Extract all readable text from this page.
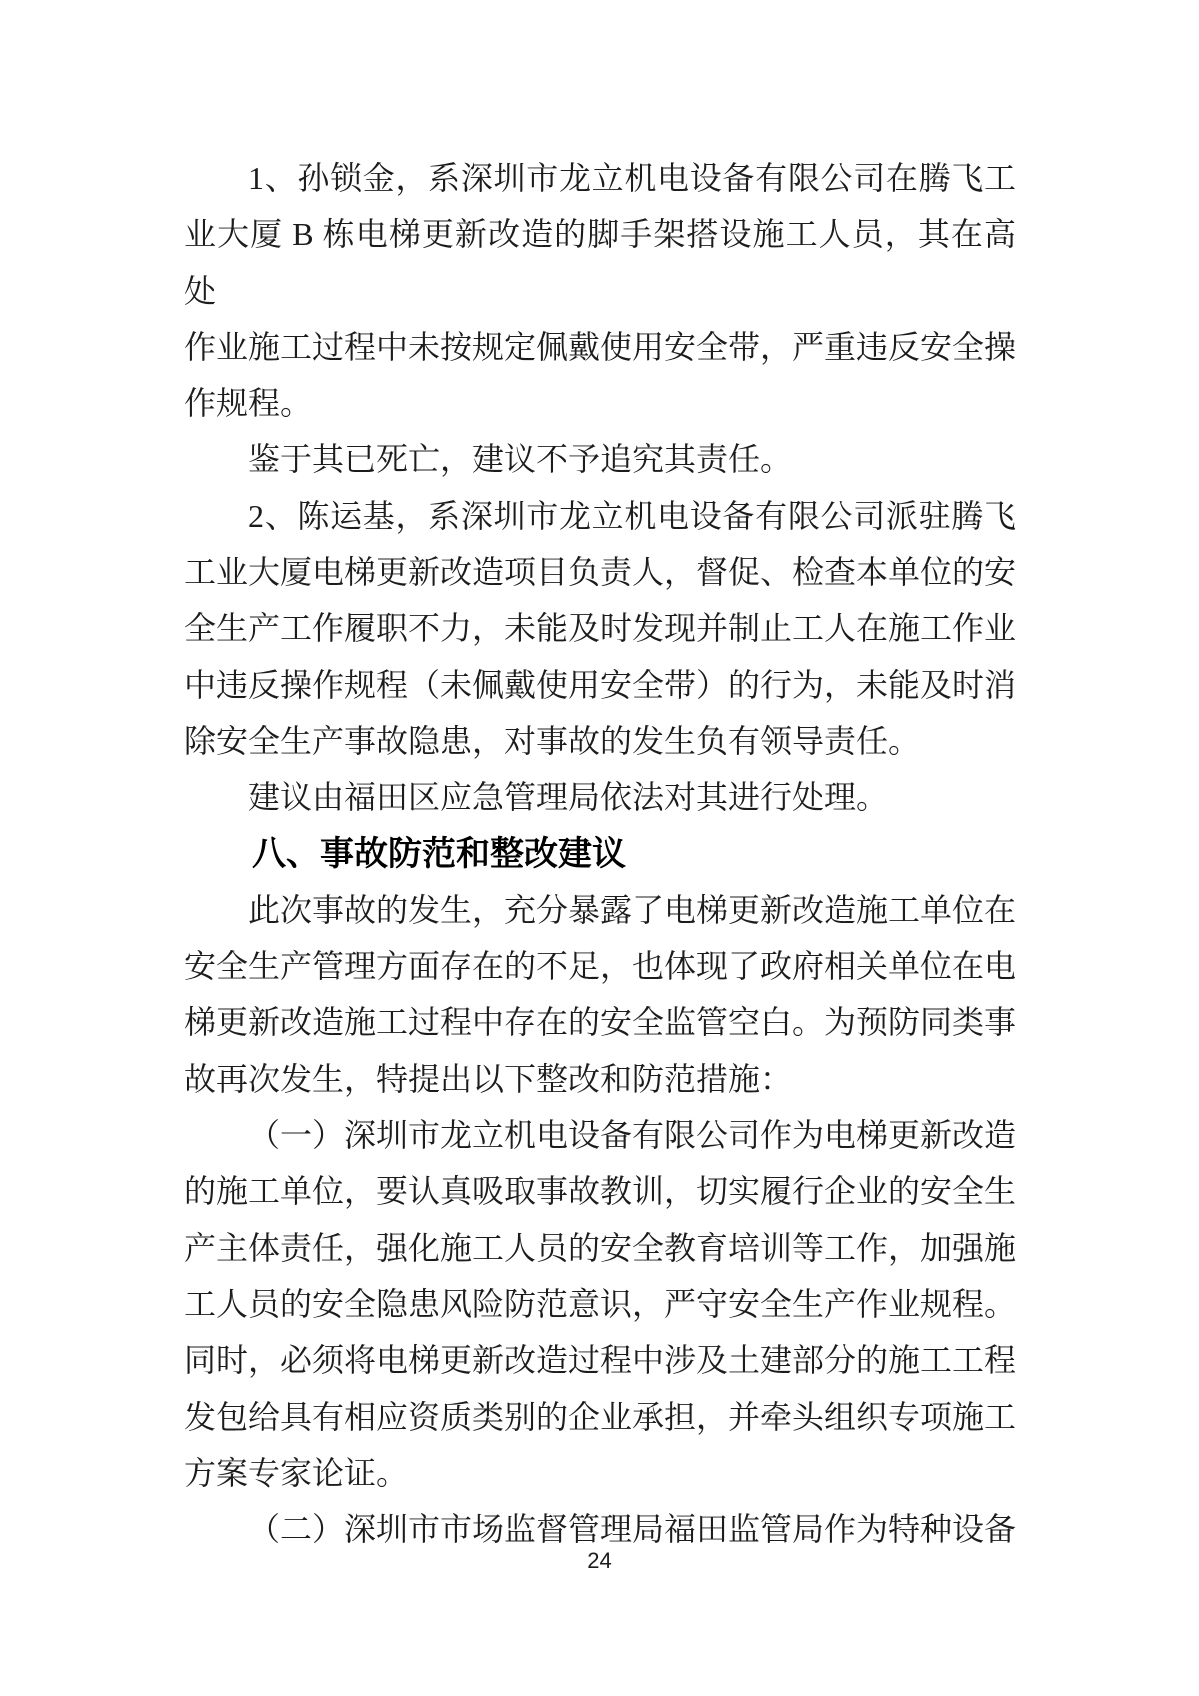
1、孙锁金，系深圳市龙立机电设备有限公司在腾飞工

业大厦 B 栋电梯更新改造的脚手架搭设施工人员，其在高处

作业施工过程中未按规定佩戴使用安全带，严重违反安全操

作规程。

鉴于其已死亡，建议不予追究其责任。

2、陈运基，系深圳市龙立机电设备有限公司派驻腾飞

工业大厦电梯更新改造项目负责人，督促、检查本单位的安

全生产工作履职不力，未能及时发现并制止工人在施工作业

中违反操作规程（未佩戴使用安全带）的行为，未能及时消

除安全生产事故隐患，对事故的发生负有领导责任。

建议由福田区应急管理局依法对其进行处理。

八、事故防范和整改建议

此次事故的发生，充分暴露了电梯更新改造施工单位在

安全生产管理方面存在的不足，也体现了政府相关单位在电

梯更新改造施工过程中存在的安全监管空白。为预防同类事

故再次发生，特提出以下整改和防范措施：

（一）深圳市龙立机电设备有限公司作为电梯更新改造

的施工单位，要认真吸取事故教训，切实履行企业的安全生

产主体责任，强化施工人员的安全教育培训等工作，加强施

工人员的安全隐患风险防范意识，严守安全生产作业规程。

同时，必须将电梯更新改造过程中涉及土建部分的施工工程

发包给具有相应资质类别的企业承担，并牵头组织专项施工

方案专家论证。

（二）深圳市市场监督管理局福田监管局作为特种设备

24
